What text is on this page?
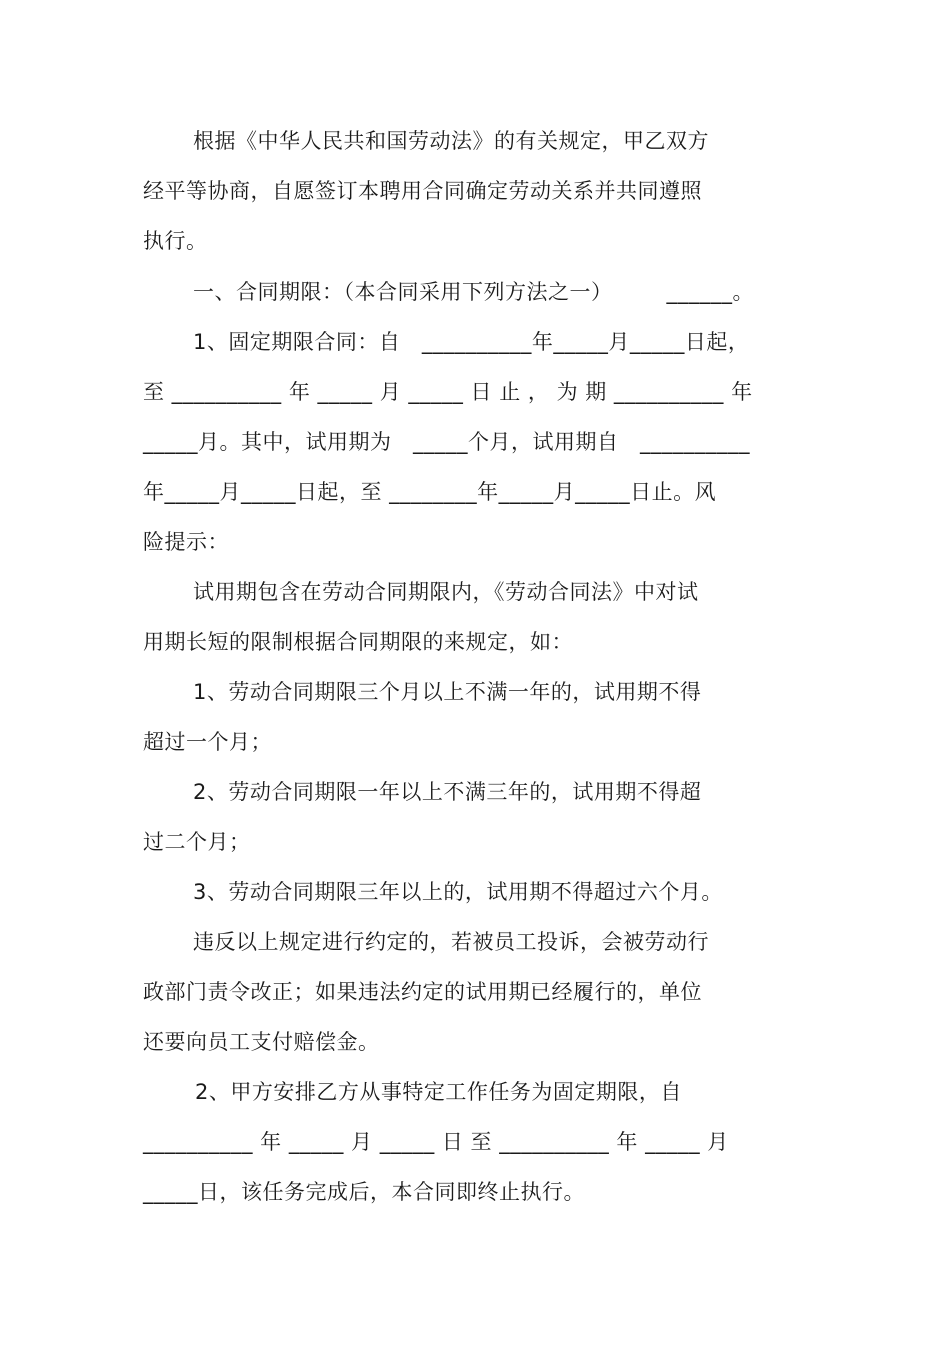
根据《中华人民共和国劳动法》的有关规定，甲乙双方
经平等协商，自愿签订本聘用合同确定劳动关系并共同遵照
执行。
一、合同期限：（本合同采用下列方法之一）　　　______。
1、固定期限合同：自　__________年_____月_____日起，
至 __________ 年 _____ 月 _____ 日 止 ， 为 期 __________ 年
_____月。其中，试用期为　_____个月，试用期自　__________
年_____月_____日起，至 ________年_____月_____日止。风
险提示：
试用期包含在劳动合同期限内，《劳动合同法》中对试
用期长短的限制根据合同期限的来规定，如：
1、劳动合同期限三个月以上不满一年的，试用期不得
超过一个月；
2、劳动合同期限一年以上不满三年的，试用期不得超
过二个月；
3、劳动合同期限三年以上的，试用期不得超过六个月。
违反以上规定进行约定的，若被员工投诉，会被劳动行
政部门责令改正；如果违法约定的试用期已经履行的，单位
还要向员工支付赔偿金。
2、甲方安排乙方从事特定工作任务为固定期限，自
__________ 年 _____ 月 _____ 日 至 __________ 年 _____ 月
_____日，该任务完成后，本合同即终止执行。
